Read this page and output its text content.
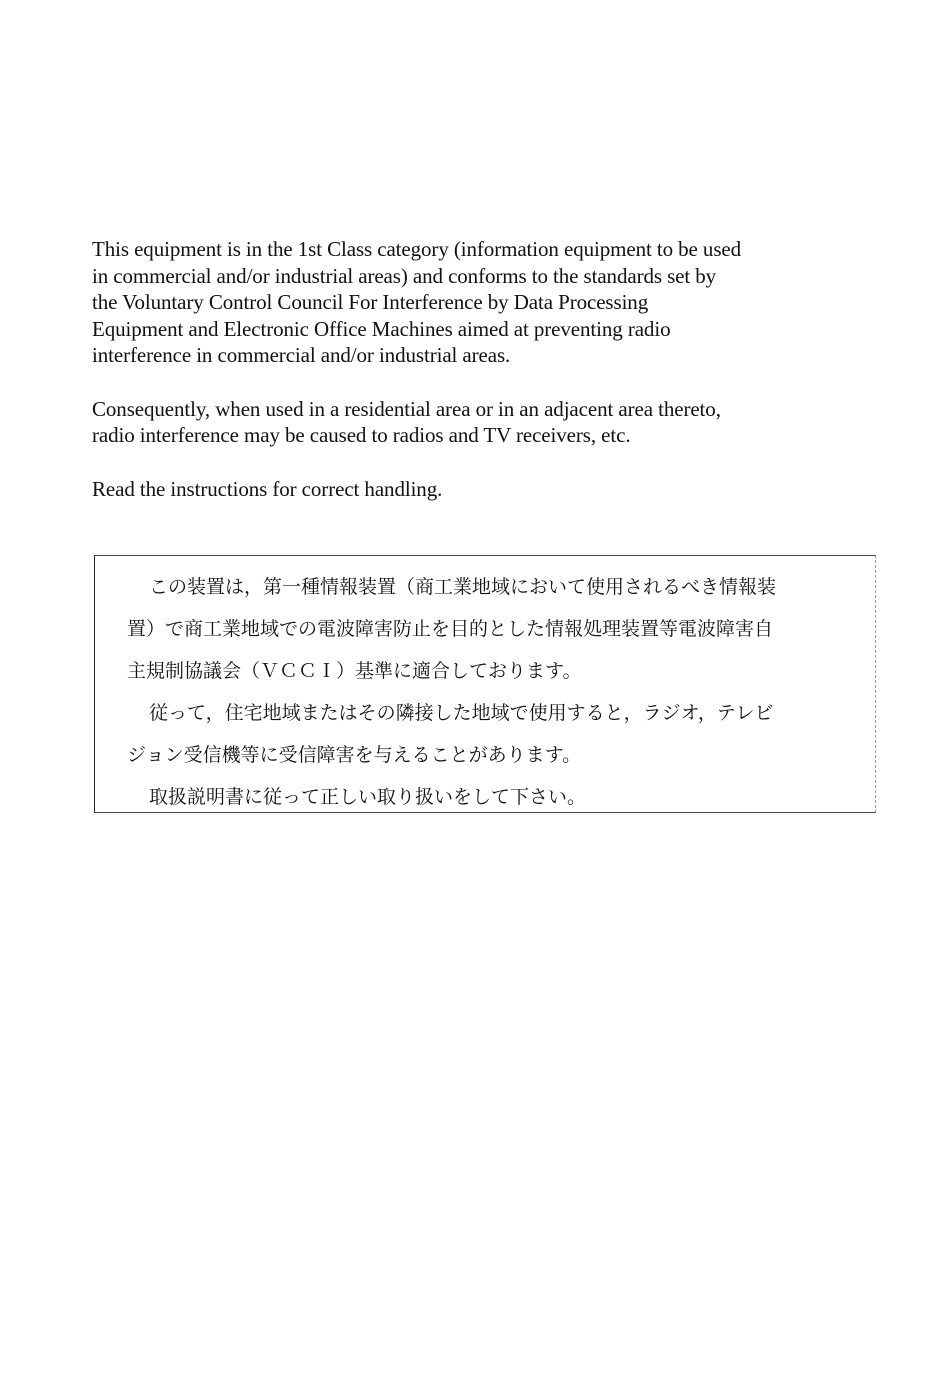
This equipment is in the 1st Class category (information equipment to be used
in commercial and/or industrial areas) and conforms to the standards set by
the Voluntary Control Council For Interference by Data Processing
Equipment and Electronic Office Machines aimed at preventing radio
interference in commercial and/or industrial areas.

Consequently, when used in a residential area or in an adjacent area thereto,
radio interference may be caused to radios and TV receivers, etc.

Read the instructions for correct handling.

この装置は，第一種情報装置（商工業地域において使用されるべき情報装
置）で商工業地域での電波障害防止を目的とした情報処理装置等電波障害自
主規制協議会（ＶＣＣＩ）基準に適合しております。
従って，住宅地域またはその隣接した地域で使用すると，ラジオ，テレビ
ジョン受信機等に受信障害を与えることがあります。
取扱説明書に従って正しい取り扱いをして下さい。
